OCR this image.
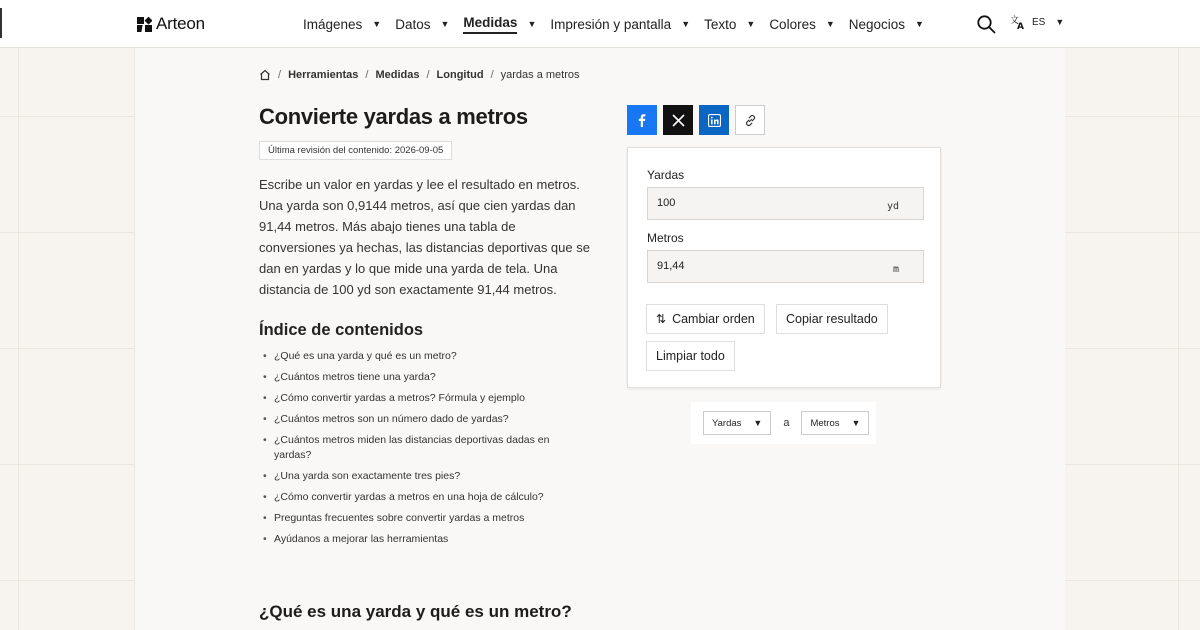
Arteon	Imágenes ▼ Datos ▼ Medidas ▼ Impresión y pantalla ▼ Texto ▼ Colores ▼ Negocios ▼	文
A ES ▼
/ Herramientas / Medidas / Longitud / yardas a metros
Convierte yardas a metros
Última revisión del contenido: 2026-09-05

Escribe un valor en yardas y lee el resultado en metros. Una yarda son 0,9144 metros, así que cien yardas dan 91,44 metros. Más abajo tienes una tabla de conversiones ya hechas, las distancias deportivas que se dan en yardas y lo que mide una yarda de tela. Una distancia de 100 yd son exactamente 91,44 metros.

Índice de contenidos
• ¿Qué es una yarda y qué es un metro?
• ¿Cuántos metros tiene una yarda?
• ¿Cómo convertir yardas a metros? Fórmula y ejemplo
• ¿Cuántos metros son un número dado de yardas?
• ¿Cuántos metros miden las distancias deportivas dadas en yardas?
• ¿Una yarda son exactamente tres pies?
• ¿Cómo convertir yardas a metros en una hoja de cálculo?
• Preguntas frecuentes sobre convertir yardas a metros
• Ayúdanos a mejorar las herramientas
¿Qué es una yarda y qué es un metro?
Yardas
100
yd
Metros
91,44
m
⇅ Cambiar orden	Copiar resultado
Limpiar todo
Yardas ▼ a Metros ▼
